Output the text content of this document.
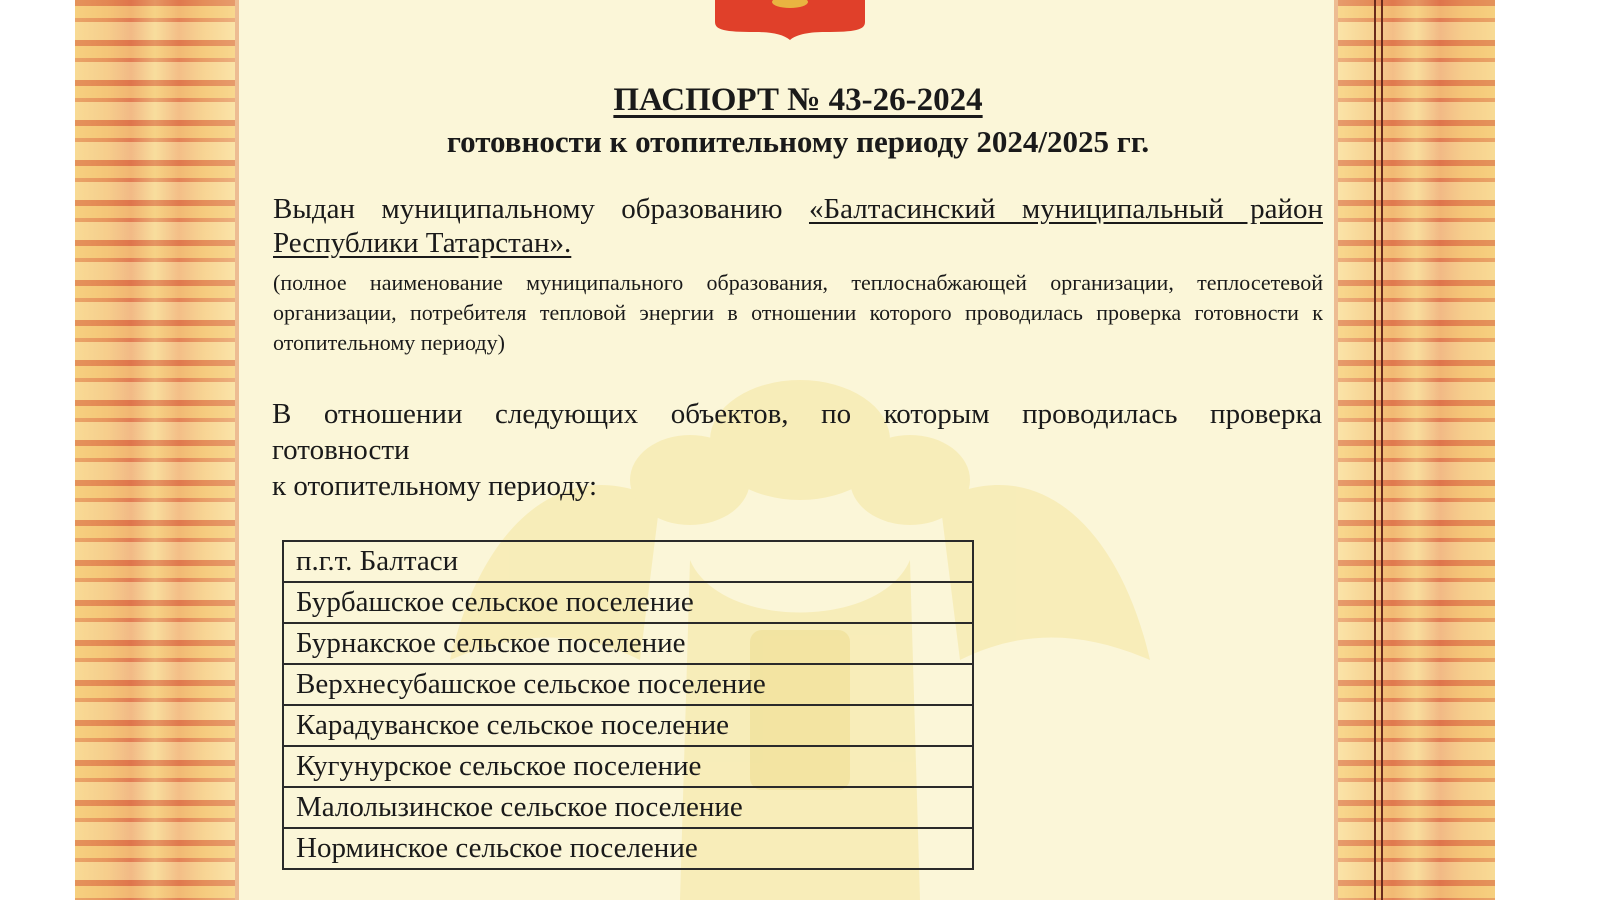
ПАСПОРТ № 43-26-2024
готовности к отопительному периоду 2024/2025 гг.
Выдан муниципальному образованию «Балтасинский муниципальный район Республики Татарстан».
(полное наименование муниципального образования, теплоснабжающей организации, теплосетевой организации, потребителя тепловой энергии в отношении которого проводилась проверка готовности к отопительному периоду)
В отношении следующих объектов, по которым проводилась проверка
готовности
к отопительному периоду:
п.г.т. Балтаси
Бурбашское сельское поселение
Бурнакское сельское поселение
Верхнесубашское сельское поселение
Карадуванское сельское поселение
Кугунурское сельское поселение
Малолызинское сельское поселение
Норминское сельское поселение
